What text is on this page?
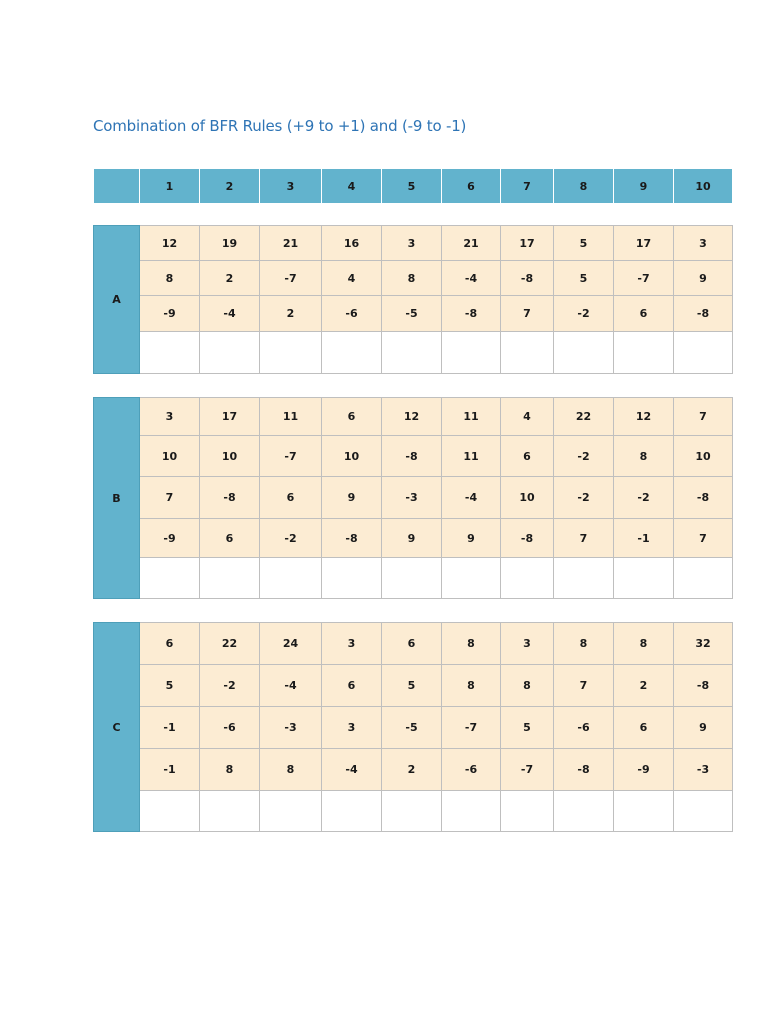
Combination of BFR Rules (+9 to +1) and (-9 to -1)
	1	2	3	4	5	6	7	8	9	10
A	12	19	21	16	3	21	17	5	17	3
	8	2	-7	4	8	-4	-8	5	-7	9
	-9	-4	2	-6	-5	-8	7	-2	6	-8

B	3	17	11	6	12	11	4	22	12	7
	10	10	-7	10	-8	11	6	-2	8	10
	7	-8	6	9	-3	-4	10	-2	-2	-8
	-9	6	-2	-8	9	9	-8	7	-1	7

C	6	22	24	3	6	8	3	8	8	32
	5	-2	-4	6	5	8	8	7	2	-8
	-1	-6	-3	3	-5	-7	5	-6	6	9
	-1	8	8	-4	2	-6	-7	-8	-9	-3
